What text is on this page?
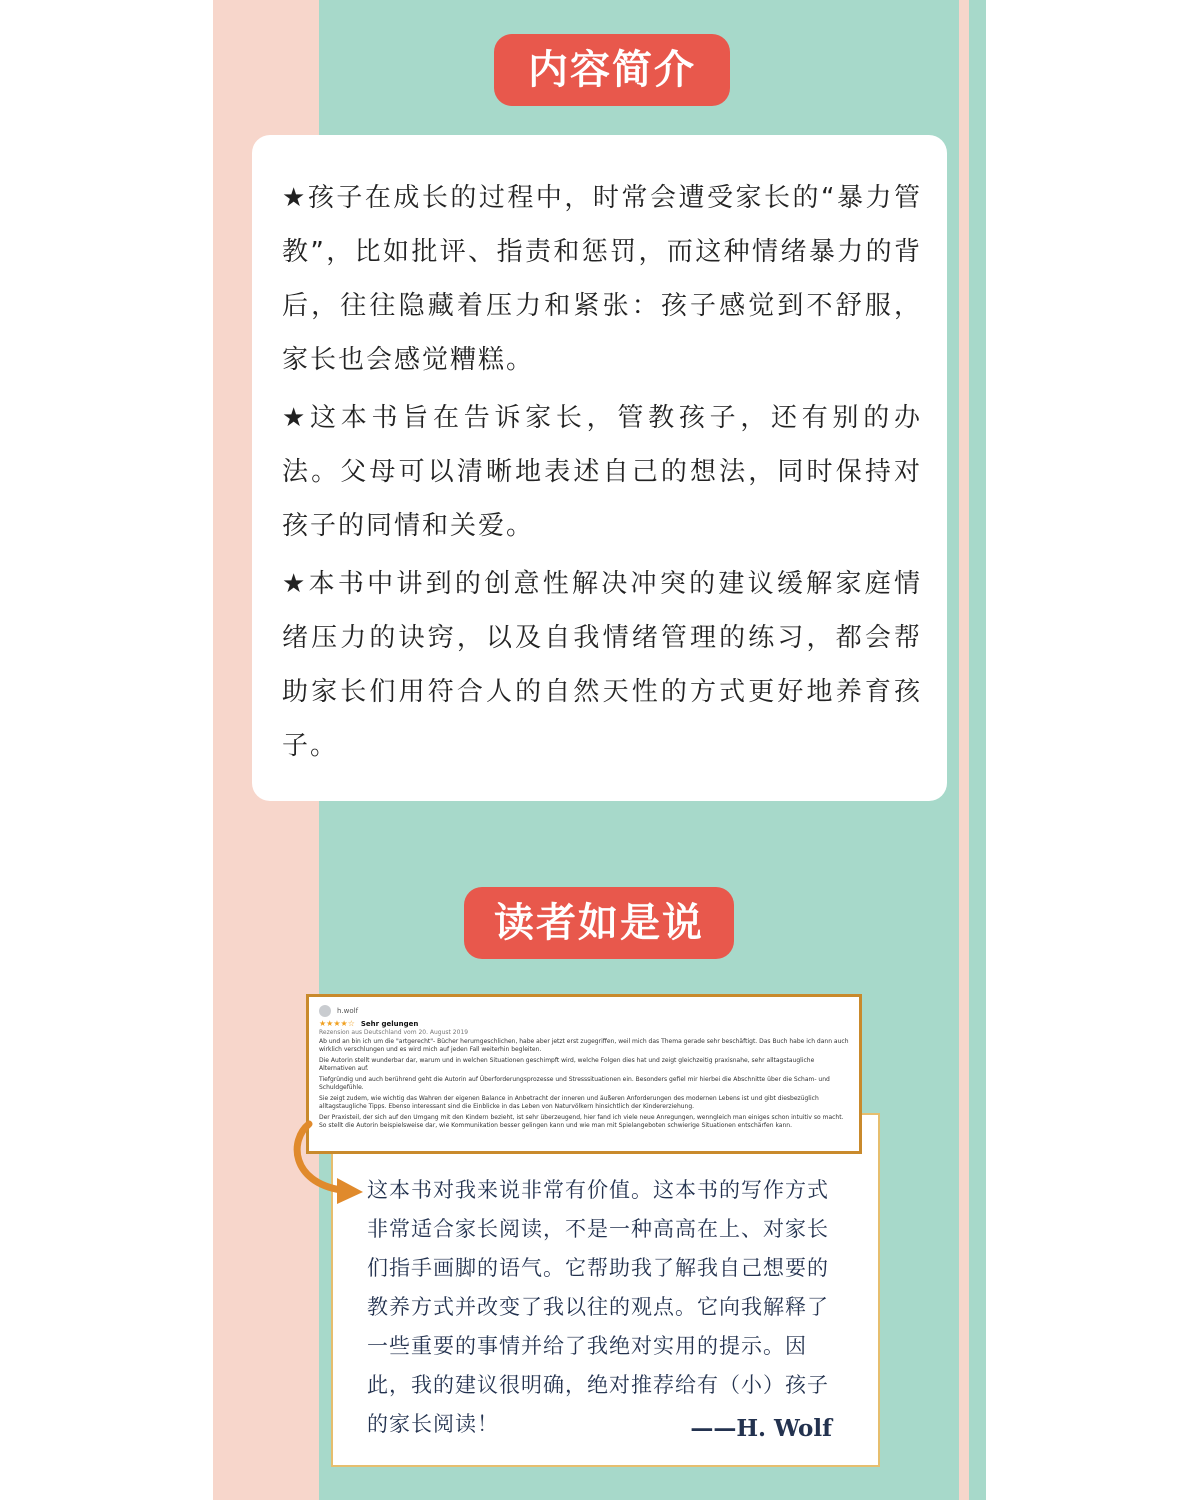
内容简介

★孩子在成长的过程中，时常会遭受家长的“暴力管教”，比如批评、指责和惩罚，而这种情绪暴力的背后，往往隐藏着压力和紧张：孩子感觉到不舒服，家长也会感觉糟糕。

★这本书旨在告诉家长，管教孩子，还有别的办法。父母可以清晰地表述自己的想法，同时保持对孩子的同情和关爱。

★本书中讲到的创意性解决冲突的建议缓解家庭情绪压力的诀窍，以及自我情绪管理的练习，都会帮助家长们用符合人的自然天性的方式更好地养育孩子。

读者如是说

这本书对我来说非常有价值。这本书的写作方式非常适合家长阅读，不是一种高高在上、对家长们指手画脚的语气。它帮助我了解我自己想要的教养方式并改变了我以往的观点。它向我解释了一些重要的事情并给了我绝对实用的提示。因此，我的建议很明确，绝对推荐给有（小）孩子的家长阅读！	——H. Wolf
h.wolf
★★★★☆ Sehr gelungen
Rezension aus Deutschland vom 20. August 2019

Ab und an bin ich um die "artgerecht"- Bücher herumgeschlichen, habe aber jetzt erst zugegriffen, weil mich das Thema gerade sehr beschäftigt. Das Buch habe ich dann auch wirklich verschlungen und es wird mich auf jeden Fall weiterhin begleiten.

Die Autorin stellt wunderbar dar, warum und in welchen Situationen geschimpft wird, welche Folgen dies hat und zeigt gleichzeitig praxisnahe, sehr alltagstaugliche Alternativen auf.

Tiefgründig und auch berührend geht die Autorin auf Überforderungsprozesse und Stresssituationen ein. Besonders gefiel mir hierbei die Abschnitte über die Scham- und Schuldgefühle.

Sie zeigt zudem, wie wichtig das Wahren der eigenen Balance in Anbetracht der inneren und äußeren Anforderungen des modernen Lebens ist und gibt diesbezüglich alltagstaugliche Tipps. Ebenso interessant sind die Einblicke in das Leben von Naturvölkern hinsichtlich der Kindererziehung.

Der Praxisteil, der sich auf den Umgang mit den Kindern bezieht, ist sehr überzeugend, hier fand ich viele neue Anregungen, wenngleich man einiges schon intuitiv so macht. So stellt die Autorin beispielsweise dar, wie Kommunikation besser gelingen kann und wie man mit Spielangeboten schwierige Situationen entschärfen kann.
